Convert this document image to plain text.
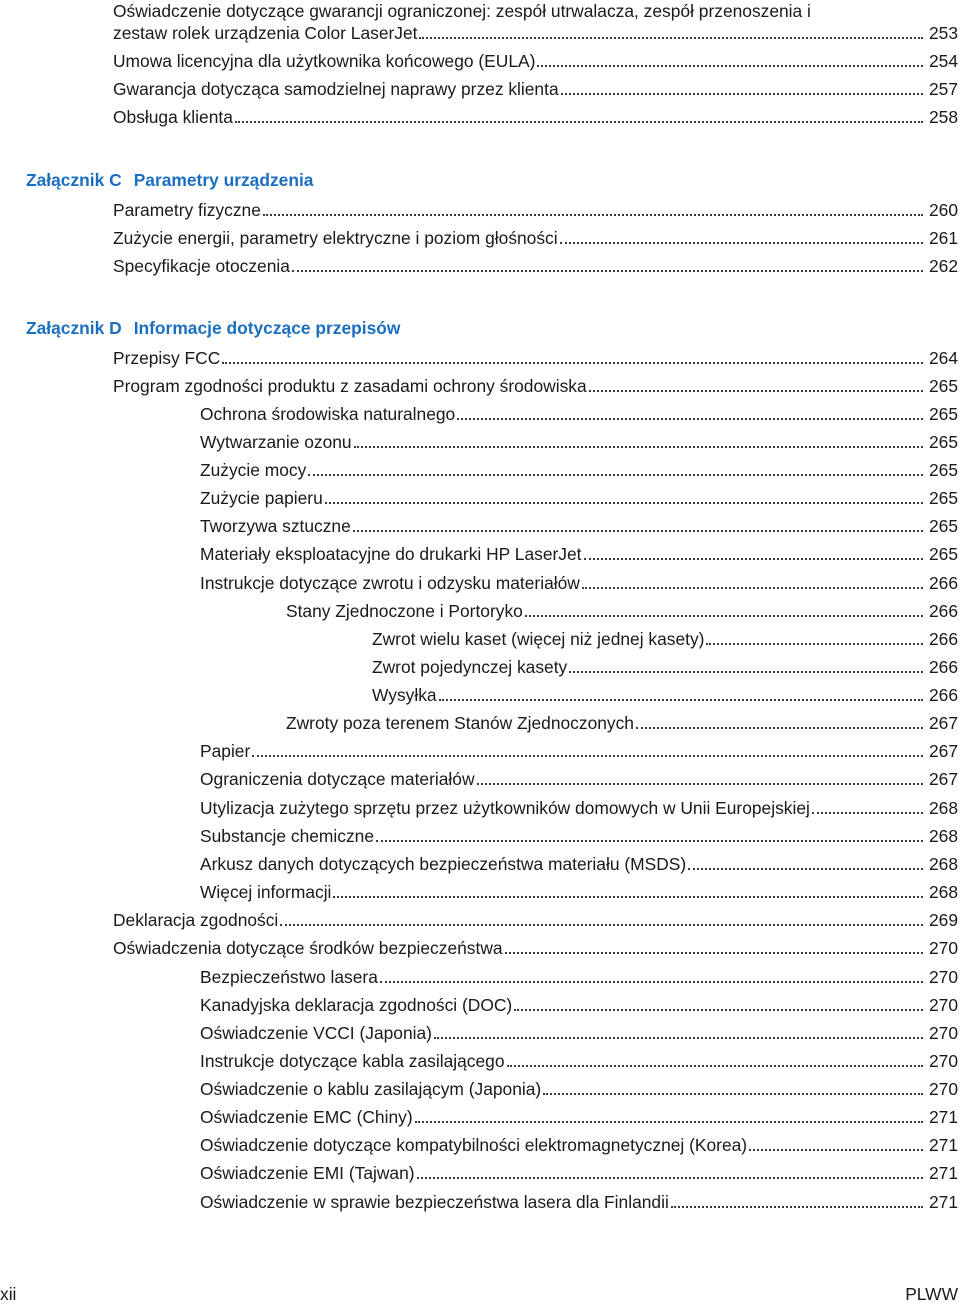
Oświadczenie dotyczące gwarancji ograniczonej: zespół utrwalacza, zespół przenoszenia i
zestaw rolek urządzenia Color LaserJet	253
Umowa licencyjna dla użytkownika końcowego (EULA)	254
Gwarancja dotycząca samodzielnej naprawy przez klienta	257
Obsługa klienta	258
Załącznik C Parametry urządzenia
Parametry fizyczne	260
Zużycie energii, parametry elektryczne i poziom głośności	261
Specyfikacje otoczenia	262
Załącznik D Informacje dotyczące przepisów
Przepisy FCC	264
Program zgodności produktu z zasadami ochrony środowiska	265
Ochrona środowiska naturalnego	265
Wytwarzanie ozonu	265
Zużycie mocy	265
Zużycie papieru	265
Tworzywa sztuczne	265
Materiały eksploatacyjne do drukarki HP LaserJet	265
Instrukcje dotyczące zwrotu i odzysku materiałów	266
Stany Zjednoczone i Portoryko	266
Zwrot wielu kaset (więcej niż jednej kasety)	266
Zwrot pojedynczej kasety	266
Wysyłka	266
Zwroty poza terenem Stanów Zjednoczonych	267
Papier	267
Ograniczenia dotyczące materiałów	267
Utylizacja zużytego sprzętu przez użytkowników domowych w Unii Europejskiej	268
Substancje chemiczne	268
Arkusz danych dotyczących bezpieczeństwa materiału (MSDS)	268
Więcej informacji	268
Deklaracja zgodności	269
Oświadczenia dotyczące środków bezpieczeństwa	270
Bezpieczeństwo lasera	270
Kanadyjska deklaracja zgodności (DOC)	270
Oświadczenie VCCI (Japonia)	270
Instrukcje dotyczące kabla zasilającego	270
Oświadczenie o kablu zasilającym (Japonia)	270
Oświadczenie EMC (Chiny)	271
Oświadczenie dotyczące kompatybilności elektromagnetycznej (Korea)	271
Oświadczenie EMI (Tajwan)	271
Oświadczenie w sprawie bezpieczeństwa lasera dla Finlandii	271
xii	PLWW
